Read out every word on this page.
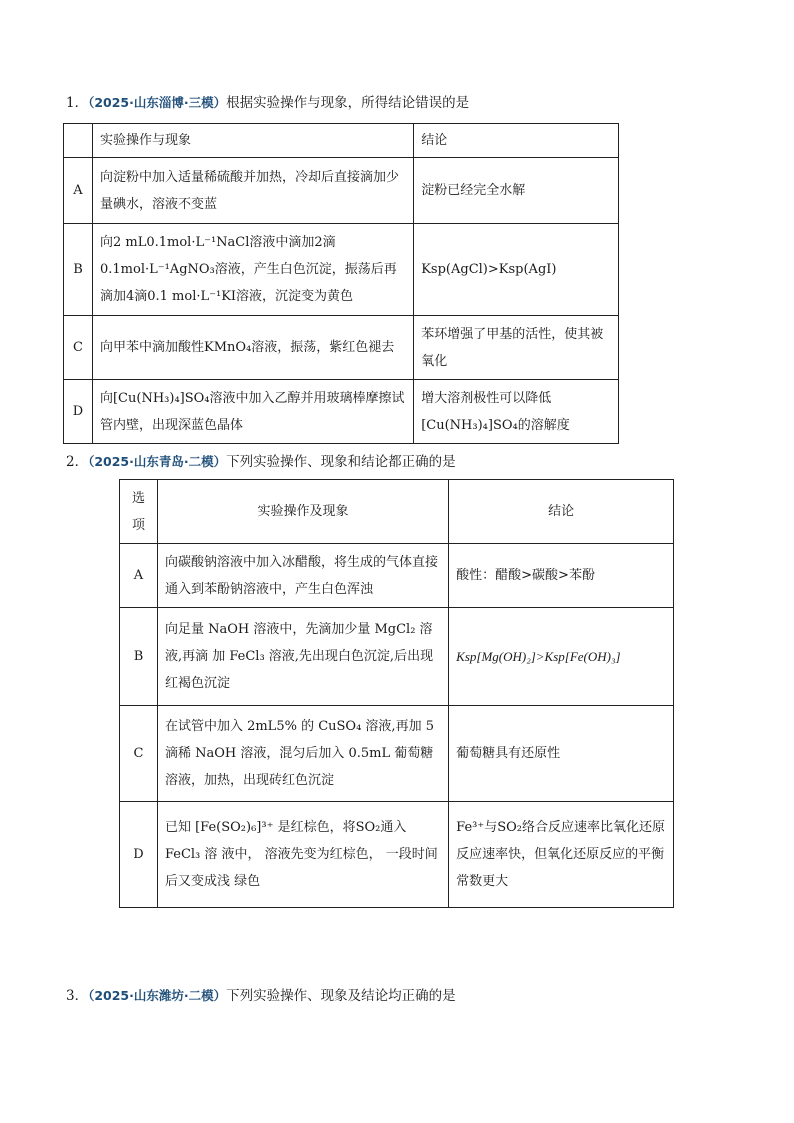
1．（2025·山东淄博·三模）根据实验操作与现象，所得结论错误的是
	实验操作与现象	结论
A	向淀粉中加入适量稀硫酸并加热，冷却后直接滴加少量碘水，溶液不变蓝	淀粉已经完全水解
B	向2 mL0.1mol·L⁻¹NaCl溶液中滴加2滴0.1mol·L⁻¹AgNO₃溶液，产生白色沉淀，振荡后再滴加4滴0.1 mol·L⁻¹KI溶液，沉淀变为黄色	Ksp(AgCl)>Ksp(AgI)
C	向甲苯中滴加酸性KMnO₄溶液，振荡，紫红色褪去	苯环增强了甲基的活性，使其被氧化
D	向[Cu(NH₃)₄]SO₄溶液中加入乙醇并用玻璃棒摩擦试管内壁，出现深蓝色晶体	增大溶剂极性可以降低[Cu(NH₃)₄]SO₄的溶解度
2．（2025·山东青岛·二模）下列实验操作、现象和结论都正确的是
选项	实验操作及现象	结论
A	向碳酸钠溶液中加入冰醋酸，将生成的气体直接 通入到苯酚钠溶液中，产生白色浑浊	酸性：醋酸>碳酸>苯酚
B	向足量 NaOH 溶液中，先滴加少量 MgCl₂ 溶液,再滴 加 FeCl₃ 溶液,先出现白色沉淀,后出现红褐色沉淀	Ksp[Mg(OH)₂]>Ksp[Fe(OH)₃]
C	在试管中加入 2mL5% 的 CuSO₄ 溶液,再加 5 滴稀 NaOH 溶液，混匀后加入 0.5mL 葡萄糖溶液，加热，出现砖红色沉淀	葡萄糖具有还原性
D	已知 [Fe(SO₂)₆]³⁺ 是红棕色，将SO₂通入 FeCl₃ 溶 液中， 溶液先变为红棕色， 一段时间后又变成浅 绿色	Fe³⁺与SO₂络合反应速率比氧化还原反应速率快，但氧化还原反应的平衡常数更大
3．（2025·山东潍坊·二模）下列实验操作、现象及结论均正确的是
